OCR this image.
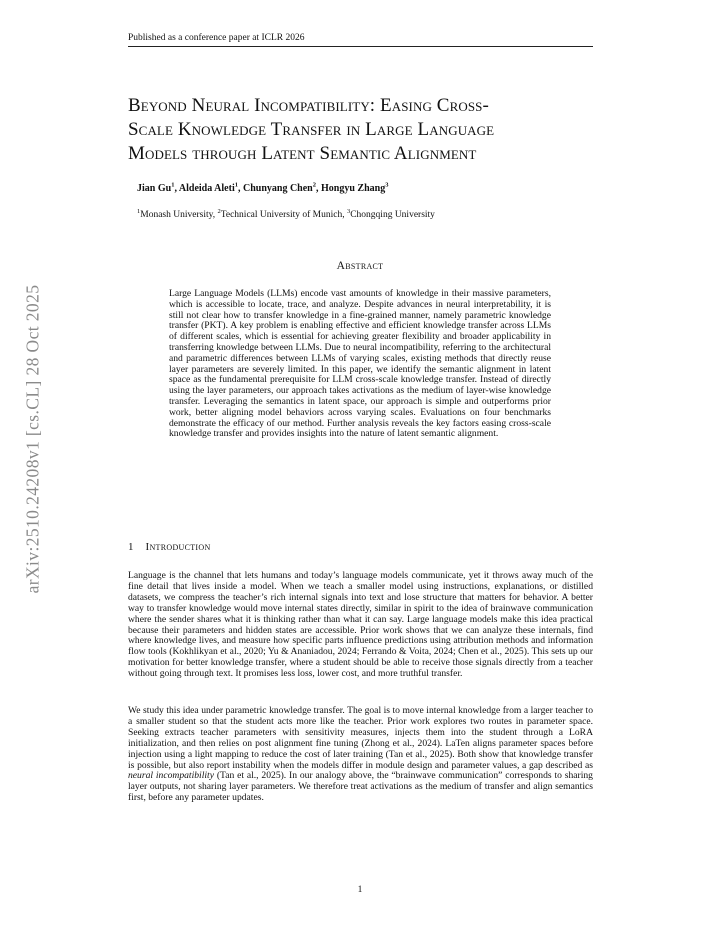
Published as a conference paper at ICLR 2026
arXiv:2510.24208v1 [cs.CL] 28 Oct 2025
Beyond Neural Incompatibility: Easing Cross-
Scale Knowledge Transfer in Large Language
Models through Latent Semantic Alignment
Jian Gu$^1$, Aldeida Aleti$^1$, Chunyang Chen$^2$, Hongyu Zhang$^3$
$^1$Monash University, $^2$Technical University of Munich, $^3$Chongqing University
Abstract
Large Language Models (LLMs) encode vast amounts of knowledge in their massive parameters, which is accessible to locate, trace, and analyze. Despite advances in neural interpretability, it is still not clear how to transfer knowledge in a fine-grained manner, namely parametric knowledge transfer (PKT). A key problem is enabling effective and efficient knowledge transfer across LLMs of different scales, which is essential for achieving greater flexibility and broader applicability in transferring knowledge between LLMs. Due to neural incompatibility, referring to the architectural and parametric differences between LLMs of varying scales, existing methods that directly reuse layer parameters are severely limited. In this paper, we identify the semantic alignment in latent space as the fundamental prerequisite for LLM cross-scale knowledge transfer. Instead of directly using the layer parameters, our approach takes activations as the medium of layer-wise knowledge transfer. Leveraging the semantics in latent space, our approach is simple and outperforms prior work, better aligning model behaviors across varying scales. Evaluations on four benchmarks demonstrate the efficacy of our method. Further analysis reveals the key factors easing cross-scale knowledge transfer and provides insights into the nature of latent semantic alignment.
1 Introduction
Language is the channel that lets humans and today’s language models communicate, yet it throws away much of the fine detail that lives inside a model. When we teach a smaller model using instructions, explanations, or distilled datasets, we compress the teacher’s rich internal signals into text and lose structure that matters for behavior. A better way to transfer knowledge would move internal states directly, similar in spirit to the idea of brainwave communication where the sender shares what it is thinking rather than what it can say. Large language models make this idea practical because their parameters and hidden states are accessible. Prior work shows that we can analyze these internals, find where knowledge lives, and measure how specific parts influence predictions using attribution methods and information flow tools (Kokhlikyan et al., 2020; Yu & Ananiadou, 2024; Ferrando & Voita, 2024; Chen et al., 2025). This sets up our motivation for better knowledge transfer, where a student should be able to receive those signals directly from a teacher without going through text. It promises less loss, lower cost, and more truthful transfer.
We study this idea under parametric knowledge transfer. The goal is to move internal knowledge from a larger teacher to a smaller student so that the student acts more like the teacher. Prior work explores two routes in parameter space. Seeking extracts teacher parameters with sensitivity measures, injects them into the student through a LoRA initialization, and then relies on post alignment fine tuning (Zhong et al., 2024). LaTen aligns parameter spaces before injection using a light mapping to reduce the cost of later training (Tan et al., 2025). Both show that knowledge transfer is possible, but also report instability when the models differ in module design and parameter values, a gap described as neural incompatibility (Tan et al., 2025). In our analogy above, the “brainwave communication” corresponds to sharing layer outputs, not sharing layer parameters. We therefore treat activations as the medium of transfer and align semantics first, before any parameter updates.
1
